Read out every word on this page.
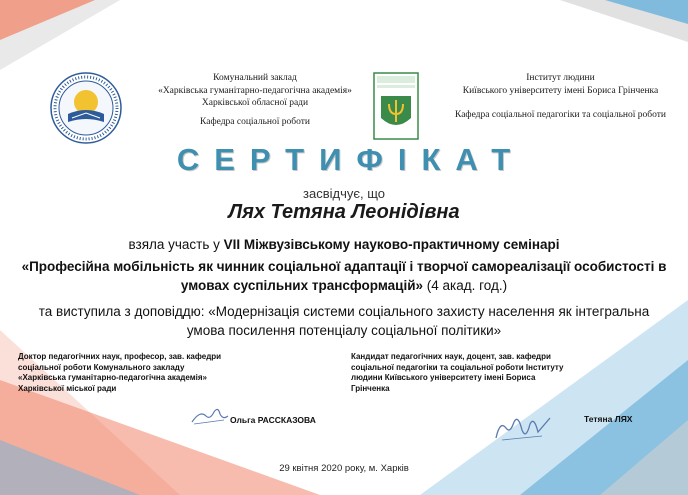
Комунальний заклад
«Харківська гуманітарно-педагогічна академія»
Харківської обласної ради
Кафедра соціальної роботи
Інститут людини
Київського університету імені Бориса Грінченка
Кафедра соціальної педагогіки та соціальної роботи
СЕРТИФІКАТ
засвідчує, що
Лях Тетяна Леонідівна
взяла участь у VII Міжвузівському науково-практичному семінарі
«Професійна мобільність як чинник соціальної адаптації і творчої самореалізації особистості в умовах суспільних трансформацій» (4 акад. год.)
та виступила з доповіддю: «Модернізація системи соціального захисту населення як інтегральна умова посилення потенціалу соціальної політики»
Доктор педагогічних наук, професор, зав. кафедри соціальної роботи Комунального закладу «Харківська гуманітарно-педагогічна академія» Харківської міської ради
Кандидат педагогічних наук, доцент, зав. кафедри соціальної педагогіки та соціальної роботи Інституту людини Київського університету імені Бориса Грінченка
Ольга РАССКАЗОВА	Тетяна ЛЯХ
29 квітня 2020 року, м. Харків
